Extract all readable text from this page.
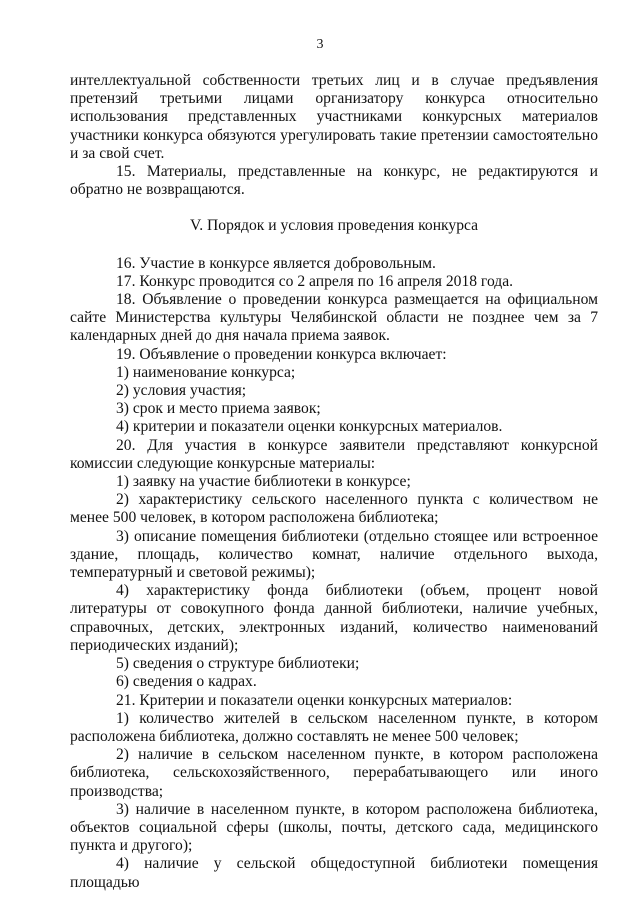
3

интеллектуальной собственности третьих лиц и в случае предъявления претензий третьими лицами организатору конкурса относительно использования представленных участниками конкурсных материалов участники конкурса обязуются урегулировать такие претензии самостоятельно и за свой счет.

15. Материалы, представленные на конкурс, не редактируются и обратно не возвращаются.

V. Порядок и условия проведения конкурса

16. Участие в конкурсе является добровольным.

17. Конкурс проводится со 2 апреля по 16 апреля 2018 года.

18. Объявление о проведении конкурса размещается на официальном сайте Министерства культуры Челябинской области не позднее чем за 7 календарных дней до дня начала приема заявок.

19. Объявление о проведении конкурса включает:

1) наименование конкурса;

2) условия участия;

3) срок и место приема заявок;

4) критерии и показатели оценки конкурсных материалов.

20. Для участия в конкурсе заявители представляют конкурсной комиссии следующие конкурсные материалы:

1) заявку на участие библиотеки в конкурсе;

2) характеристику сельского населенного пункта с количеством не менее 500 человек, в котором расположена библиотека;

3) описание помещения библиотеки (отдельно стоящее или встроенное здание, площадь, количество комнат, наличие отдельного выхода, температурный и световой режимы);

4) характеристику фонда библиотеки (объем, процент новой литературы от совокупного фонда данной библиотеки, наличие учебных, справочных, детских, электронных изданий, количество наименований периодических изданий);

5) сведения о структуре библиотеки;

6) сведения о кадрах.

21. Критерии и показатели оценки конкурсных материалов:

1) количество жителей в сельском населенном пункте, в котором расположена библиотека, должно составлять не менее 500 человек;

2) наличие в сельском населенном пункте, в котором расположена библиотека, сельскохозяйственного, перерабатывающего или иного производства;

3) наличие в населенном пункте, в котором расположена библиотека, объектов социальной сферы (школы, почты, детского сада, медицинского пункта и другого);

4) наличие у сельской общедоступной библиотеки помещения площадью
